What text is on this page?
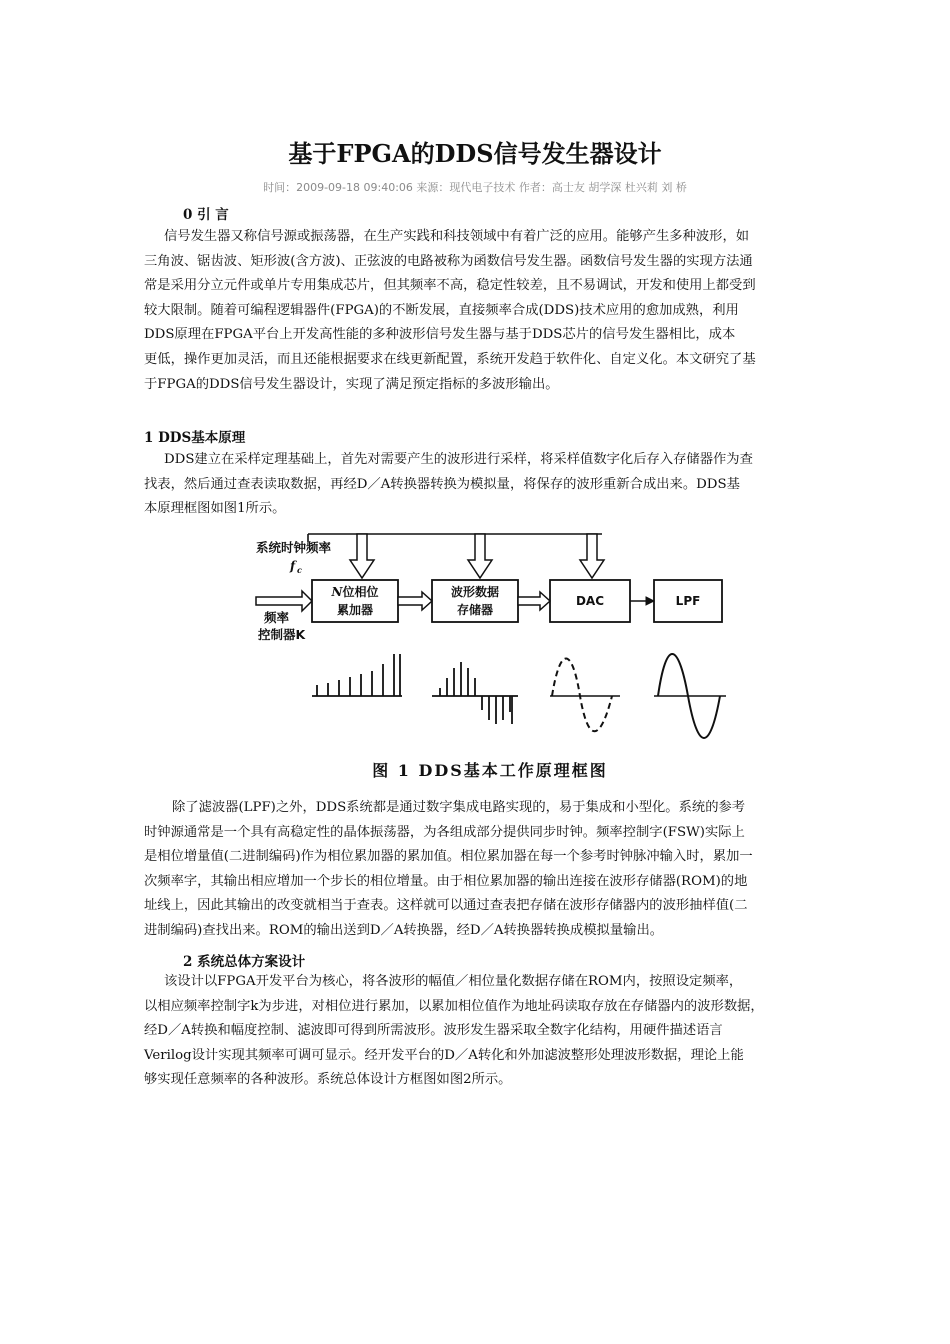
基于FPGA的DDS信号发生器设计
时间：2009-09-18 09:40:06 来源：现代电子技术 作者：高士友 胡学深 杜兴莉 刘 桥
0 引 言
信号发生器又称信号源或振荡器，在生产实践和科技领域中有着广泛的应用。能够产生多种波形，如
三角波、锯齿波、矩形波(含方波)、正弦波的电路被称为函数信号发生器。函数信号发生器的实现方法通
常是采用分立元件或单片专用集成芯片，但其频率不高，稳定性较差，且不易调试，开发和使用上都受到
较大限制。随着可编程逻辑器件(FPGA)的不断发展，直接频率合成(DDS)技术应用的愈加成熟，利用
DDS原理在FPGA平台上开发高性能的多种波形信号发生器与基于DDS芯片的信号发生器相比，成本
更低，操作更加灵活，而且还能根据要求在线更新配置，系统开发趋于软件化、自定义化。本文研究了基
于FPGA的DDS信号发生器设计，实现了满足预定指标的多波形输出。
1 DDS基本原理
DDS建立在采样定理基础上，首先对需要产生的波形进行采样，将采样值数字化后存入存储器作为查
找表，然后通过查表读取数据，再经D／A转换器转换为模拟量，将保存的波形重新合成出来。DDS基
本原理框图如图1所示。
系统时钟频率
f c
频率
控制器K
N位相位
累加器
波形数据
存储器
DAC	LPF
图 1 DDS基本工作原理框图
除了滤波器(LPF)之外，DDS系统都是通过数字集成电路实现的，易于集成和小型化。系统的参考
时钟源通常是一个具有高稳定性的晶体振荡器，为各组成部分提供同步时钟。频率控制字(FSW)实际上
是相位增量值(二进制编码)作为相位累加器的累加值。相位累加器在每一个参考时钟脉冲输入时，累加一
次频率字，其输出相应增加一个步长的相位增量。由于相位累加器的输出连接在波形存储器(ROM)的地
址线上，因此其输出的改变就相当于查表。这样就可以通过查表把存储在波形存储器内的波形抽样值(二
进制编码)查找出来。ROM的输出送到D／A转换器，经D／A转换器转换成模拟量输出。
2 系统总体方案设计
该设计以FPGA开发平台为核心，将各波形的幅值／相位量化数据存储在ROM内，按照设定频率，
以相应频率控制字k为步进，对相位进行累加，以累加相位值作为地址码读取存放在存储器内的波形数据，
经D／A转换和幅度控制、滤波即可得到所需波形。波形发生器采取全数字化结构，用硬件描述语言
Verilog设计实现其频率可调可显示。经开发平台的D／A转化和外加滤波整形处理波形数据，理论上能
够实现任意频率的各种波形。系统总体设计方框图如图2所示。
